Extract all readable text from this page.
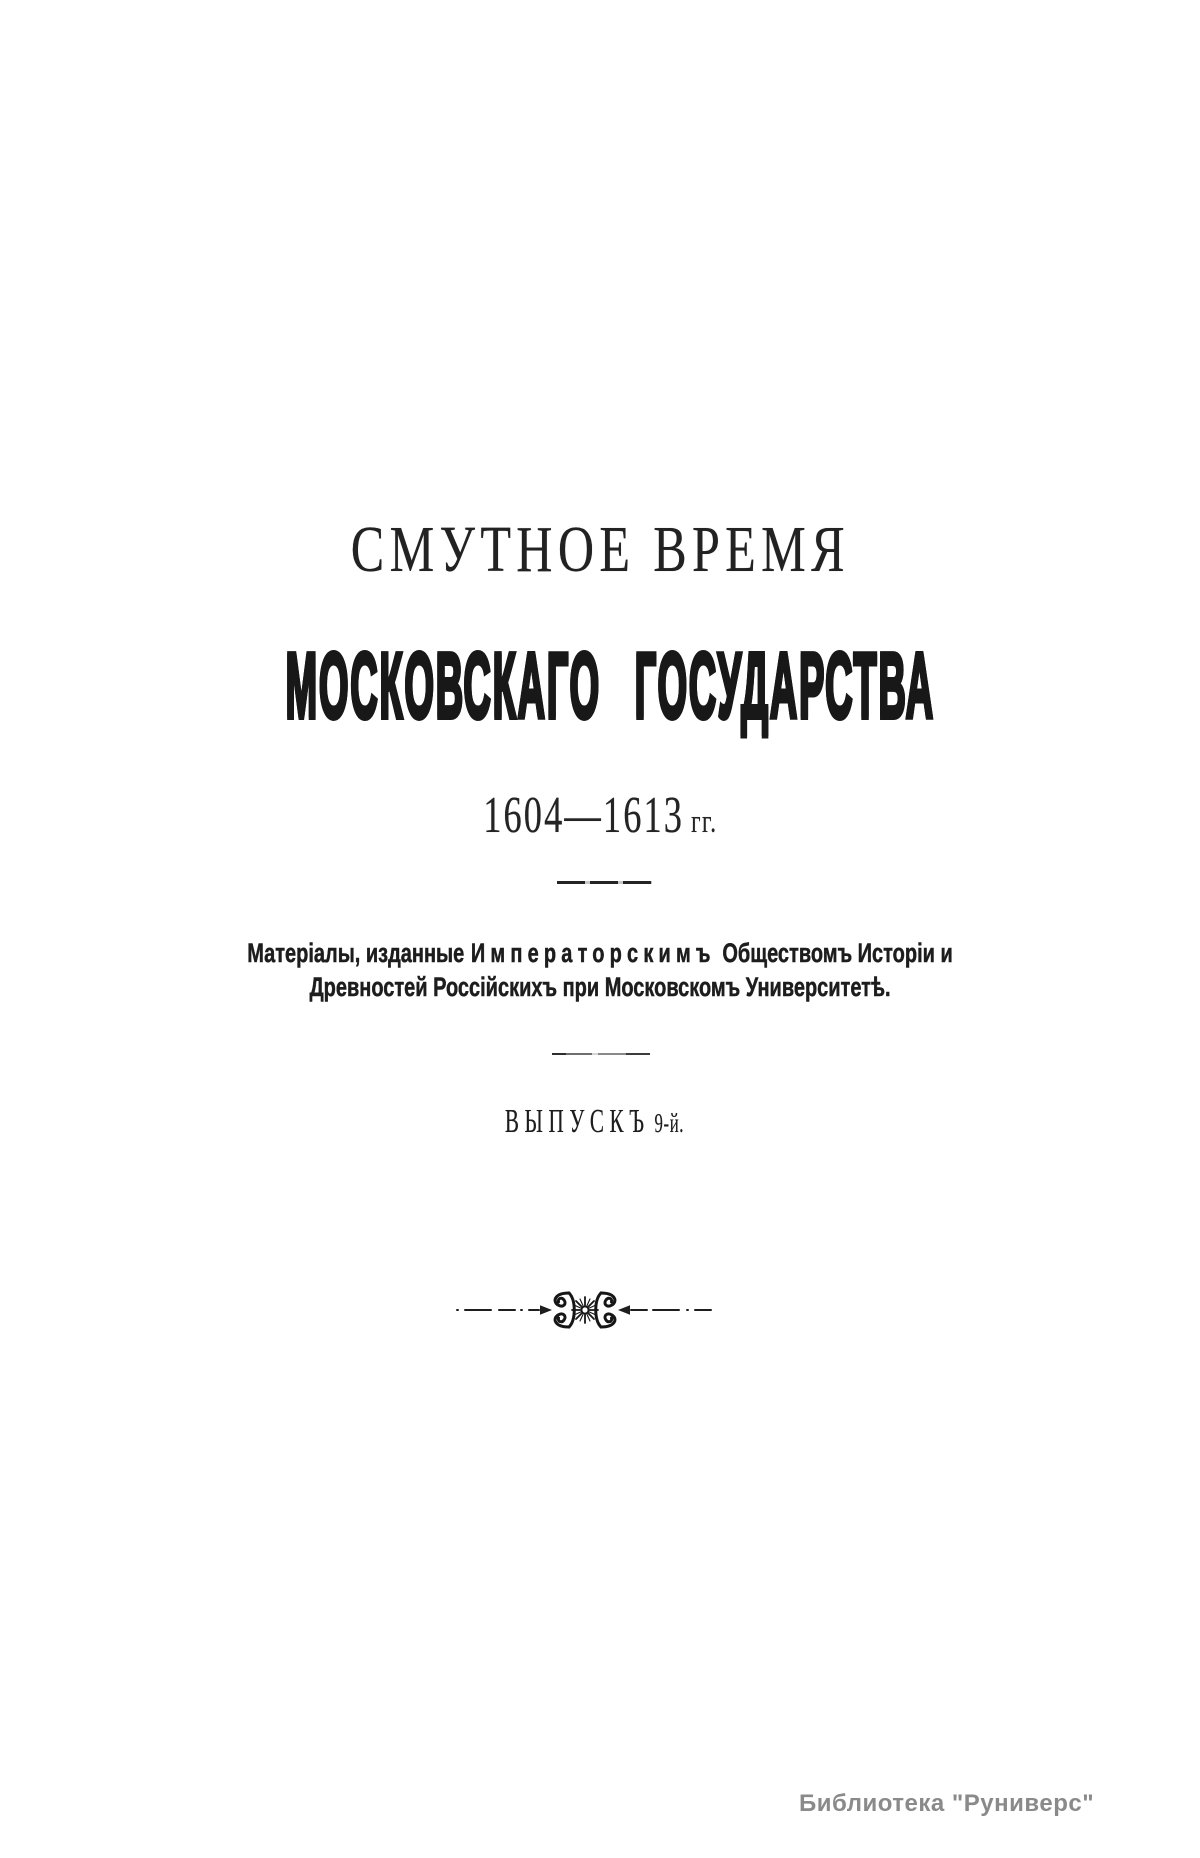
СМУТНОЕ ВРЕМЯ
МОСКОВСКАГО ГОСУДАРСТВА
1604—1613 гг.
Матеріалы, изданные Императорскимъ Обществомъ Исторіи и
Древностей Россійскихъ при Московскомъ Университетѣ.
ВЫПУСКЪ 9-й.
Библиотека "Руниверс"
